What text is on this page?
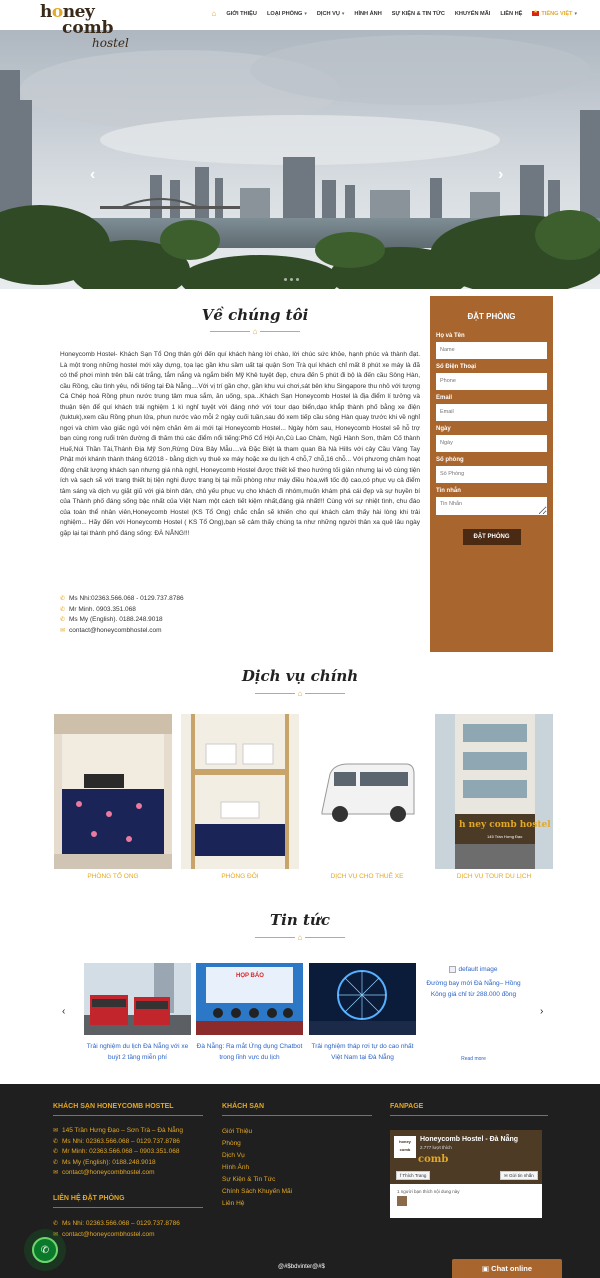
⌂	GIỚI THIỆU LOẠI PHÒNG ▾ DỊCH VỤ ▾ HÌNH ẢNH SỰ KIỆN & TIN TỨC KHUYẾN MÃI LIÊN HỆ
★	TIẾNG VIỆT ▾
honey
comb
hostel
‹	›
Về chúng tôi
⌂
Honeycomb Hostel- Khách Sạn Tổ Ong thân gởi đến quí khách hàng lời chào, lời chúc sức khỏe, hạnh phúc và thành đạt. Là một trong những hostel mới xây dựng, tọa lạc gần khu sầm uất tại quận Sơn Trà quí khách chỉ mất 8 phút xe máy là đã có thể phơi mình trên bãi cát trắng, tắm nắng và ngắm biển Mỹ Khê tuyệt đẹp, chưa đến 5 phút đi bộ là đến cầu Sông Hàn, cầu Rồng, cầu tình yêu, nổi tiếng tại Đà Nẵng....Với vị trí gần chợ, gần khu vui chơi,sát bên khu Singapore thu nhỏ với tượng Cá Chép hoá Rồng phun nước trung tâm mua sắm, ăn uống, spa...Khách Sạn Honeycomb Hostel là địa điểm lí tưởng và thuận tiện để quí khách trải nghiệm 1 kì nghỉ tuyệt vời đáng nhớ với tour dạo biển,dạo khắp thành phố bằng xe điện (tuktuk),xem cầu Rồng phun lửa, phun nước vào mỗi 2 ngày cuối tuần,sau đó xem tiếp cầu sông Hàn quay trước khi về nghỉ ngơi và chìm vào giấc ngủ với nệm chăn êm ái mới tại Honeycomb Hostel... Ngày hôm sau, Honeycomb Hostel sẽ hỗ trợ bạn cùng rong ruổi trên đường đi thăm thú các điểm nổi tiếng:Phố Cổ Hội An,Cù Lao Chàm, Ngũ Hành Sơn, thăm Cố thành Huế,Núi Thần Tài,Thánh Địa Mỹ Sơn,Rừng Dừa Bảy Mẫu....và Đặc Biệt là tham quan Bà Nà Hills với cây Cầu Vàng Tay Phật mới khánh thành tháng 6/2018 - bằng dịch vụ thuê xe máy hoặc xe du lịch 4 chỗ,7 chỗ,16 chỗ... Với phương châm hoạt động chất lượng khách sạn nhưng giá nhà nghỉ, Honeycomb Hostel được thiết kế theo hướng tối giản nhưng lại vô cùng tiện ích và sạch sẽ với trang thiết bị tiện nghi được trang bị tại mỗi phòng như máy điều hòa,wifi tốc độ cao,có phục vụ cả điểm tâm sáng và dịch vụ giặt giũ với giá bình dân, chủ yếu phục vụ cho khách đi nhóm,muốn khám phá cái đẹp và sự huyền bí của Thành phố đáng sống bậc nhất của Việt Nam một cách tiết kiệm nhất,đáng giá nhất!!! Cùng với sự nhiệt tình, chu đáo của toàn thể nhân viên,Honeycomb Hostel (KS Tổ Ong) chắc chắn sẽ khiến cho quí khách cảm thấy hài lòng khi trải nghiệm... Hãy đến với Honeycomb Hostel ( KS Tổ Ong),bạn sẽ cảm thấy chúng ta như những người thân xa quê lâu ngày gặp lại tại thành phố đáng sống: ĐÀ NẴNG!!!
✆ Ms Nhi:02363.566.068 - 0129.737.8786
✆ Mr Minh. 0903.351.068
✆ Ms My (English). 0188.248.9018
✉ contact@honeycombhostel.com
ĐẶT PHÒNG
Họ và Tên
Name
Số Điện Thoại
Phone
Email
Email
Ngày
Ngày
Số phòng
Số Phòng
Tin nhắn
Tin Nhắn
ĐẶT PHÒNG
Dịch vụ chính
⌂
PHÒNG TỔ ONG	PHÒNG ĐÔI	DỊCH VỤ CHO THUÊ XE
h ney comb hostel
145 Trần Hưng Đạo
DỊCH VỤ TOUR DU LỊCH
Tin tức
⌂
‹	›
Trải nghiệm du lịch Đà Nẵng với xe buýt 2 tầng miễn phí
HỌP BÁO
Đà Nẵng: Ra mắt Ứng dụng Chatbot trong lĩnh vực du lịch
Trải nghiệm tháp rơi tự do cao nhất Việt Nam tại Đà Nẵng
default image
Đường bay mới Đà Nẵng– Hồng Kông giá chỉ từ 288.000 đồng
Read more
KHÁCH SẠN HONEYCOMB HOSTEL
✉ 145 Trần Hưng Đạo – Sơn Trà – Đà Nẵng
✆ Ms Nhi: 02363.566.068 – 0129.737.8786
✆ Mr Minh: 02363.566.068 – 0903.351.068
✆ Ms My (English): 0188.248.9018
✉ contact@honeycombhostel.com
LIÊN HỆ ĐẶT PHÒNG
✆ Ms Nhi: 02363.566.068 – 0129.737.8786
✉ contact@honeycombhostel.com
KHÁCH SẠN
Giới Thiệu
Phòng
Dịch Vụ
Hình Ảnh
Sự Kiện & Tin Tức
Chính Sách Khuyến Mãi
Liên Hệ
FANPAGE
honey
comb
Honeycomb Hostel - Đà Nẵng
2.777 lượt thích
comb
f Thích Trang	✉ Gửi tin nhắn
1 người bạn thích nội dung này
@#$bdvinter@#$
✆
▣ Chat online
